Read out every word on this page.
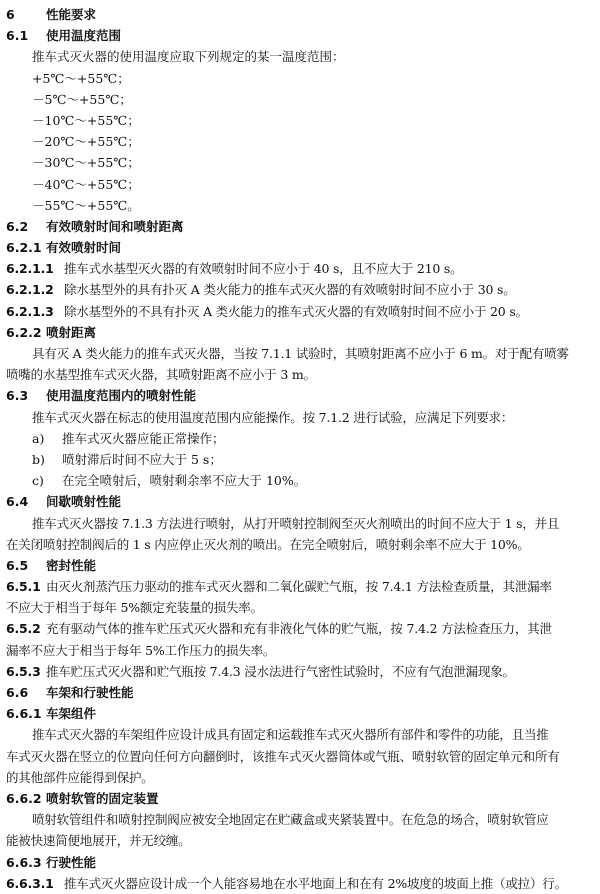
6	性能要求
6.1 使用温度范围
推车式灭火器的使用温度应取下列规定的某一温度范围：
+5℃～+55℃；
－5℃～+55℃；
－10℃～+55℃；
－20℃～+55℃；
－30℃～+55℃；
－40℃～+55℃；
－55℃～+55℃。
6.2 有效喷射时间和喷射距离
6.2.1 有效喷射时间
6.2.1.1 推车式水基型灭火器的有效喷射时间不应小于 40 s，且不应大于 210 s。
6.2.1.2 除水基型外的具有扑灭 A 类火能力的推车式灭火器的有效喷射时间不应小于 30 s。
6.2.1.3 除水基型外的不具有扑灭 A 类火能力的推车式灭火器的有效喷射时间不应小于 20 s。
6.2.2 喷射距离
具有灭 A 类火能力的推车式灭火器，当按 7.1.1 试验时，其喷射距离不应小于 6 m。对于配有喷雾
喷嘴的水基型推车式灭火器，其喷射距离不应小于 3 m。
6.3 使用温度范围内的喷射性能
推车式灭火器在标志的使用温度范围内应能操作。按 7.1.2 进行试验，应满足下列要求：
a) 推车式灭火器应能正常操作；
b) 喷射滞后时间不应大于 5 s；
c) 在完全喷射后，喷射剩余率不应大于 10%。
6.4 间歇喷射性能
推车式灭火器按 7.1.3 方法进行喷射，从打开喷射控制阀至灭火剂喷出的时间不应大于 1 s，并且
在关闭喷射控制阀后的 1 s 内应停止灭火剂的喷出。在完全喷射后，喷射剩余率不应大于 10%。
6.5 密封性能
6.5.1 由灭火剂蒸汽压力驱动的推车式灭火器和二氧化碳贮气瓶，按 7.4.1 方法检查质量，其泄漏率
不应大于相当于每年 5%额定充装量的损失率。
6.5.2 充有驱动气体的推车贮压式灭火器和充有非液化气体的贮气瓶，按 7.4.2 方法检查压力，其泄
漏率不应大于相当于每年 5%工作压力的损失率。
6.5.3 推车贮压式灭火器和贮气瓶按 7.4.3 浸水法进行气密性试验时，不应有气泡泄漏现象。
6.6 车架和行驶性能
6.6.1 车架组件
推车式灭火器的车架组件应设计成具有固定和运载推车式灭火器所有部件和零件的功能，且当推
车式灭火器在竖立的位置向任何方向翻倒时，该推车式灭火器筒体或气瓶、喷射软管的固定单元和所有
的其他部件应能得到保护。
6.6.2 喷射软管的固定装置
喷射软管组件和喷射控制阀应被安全地固定在贮藏盒或夹紧装置中。在危急的场合，喷射软管应
能被快速简便地展开，并无绞缠。
6.6.3 行驶性能
6.6.3.1 推车式灭火器应设计成一个人能容易地在水平地面上和在有 2%坡度的坡面上推（或拉）行。
